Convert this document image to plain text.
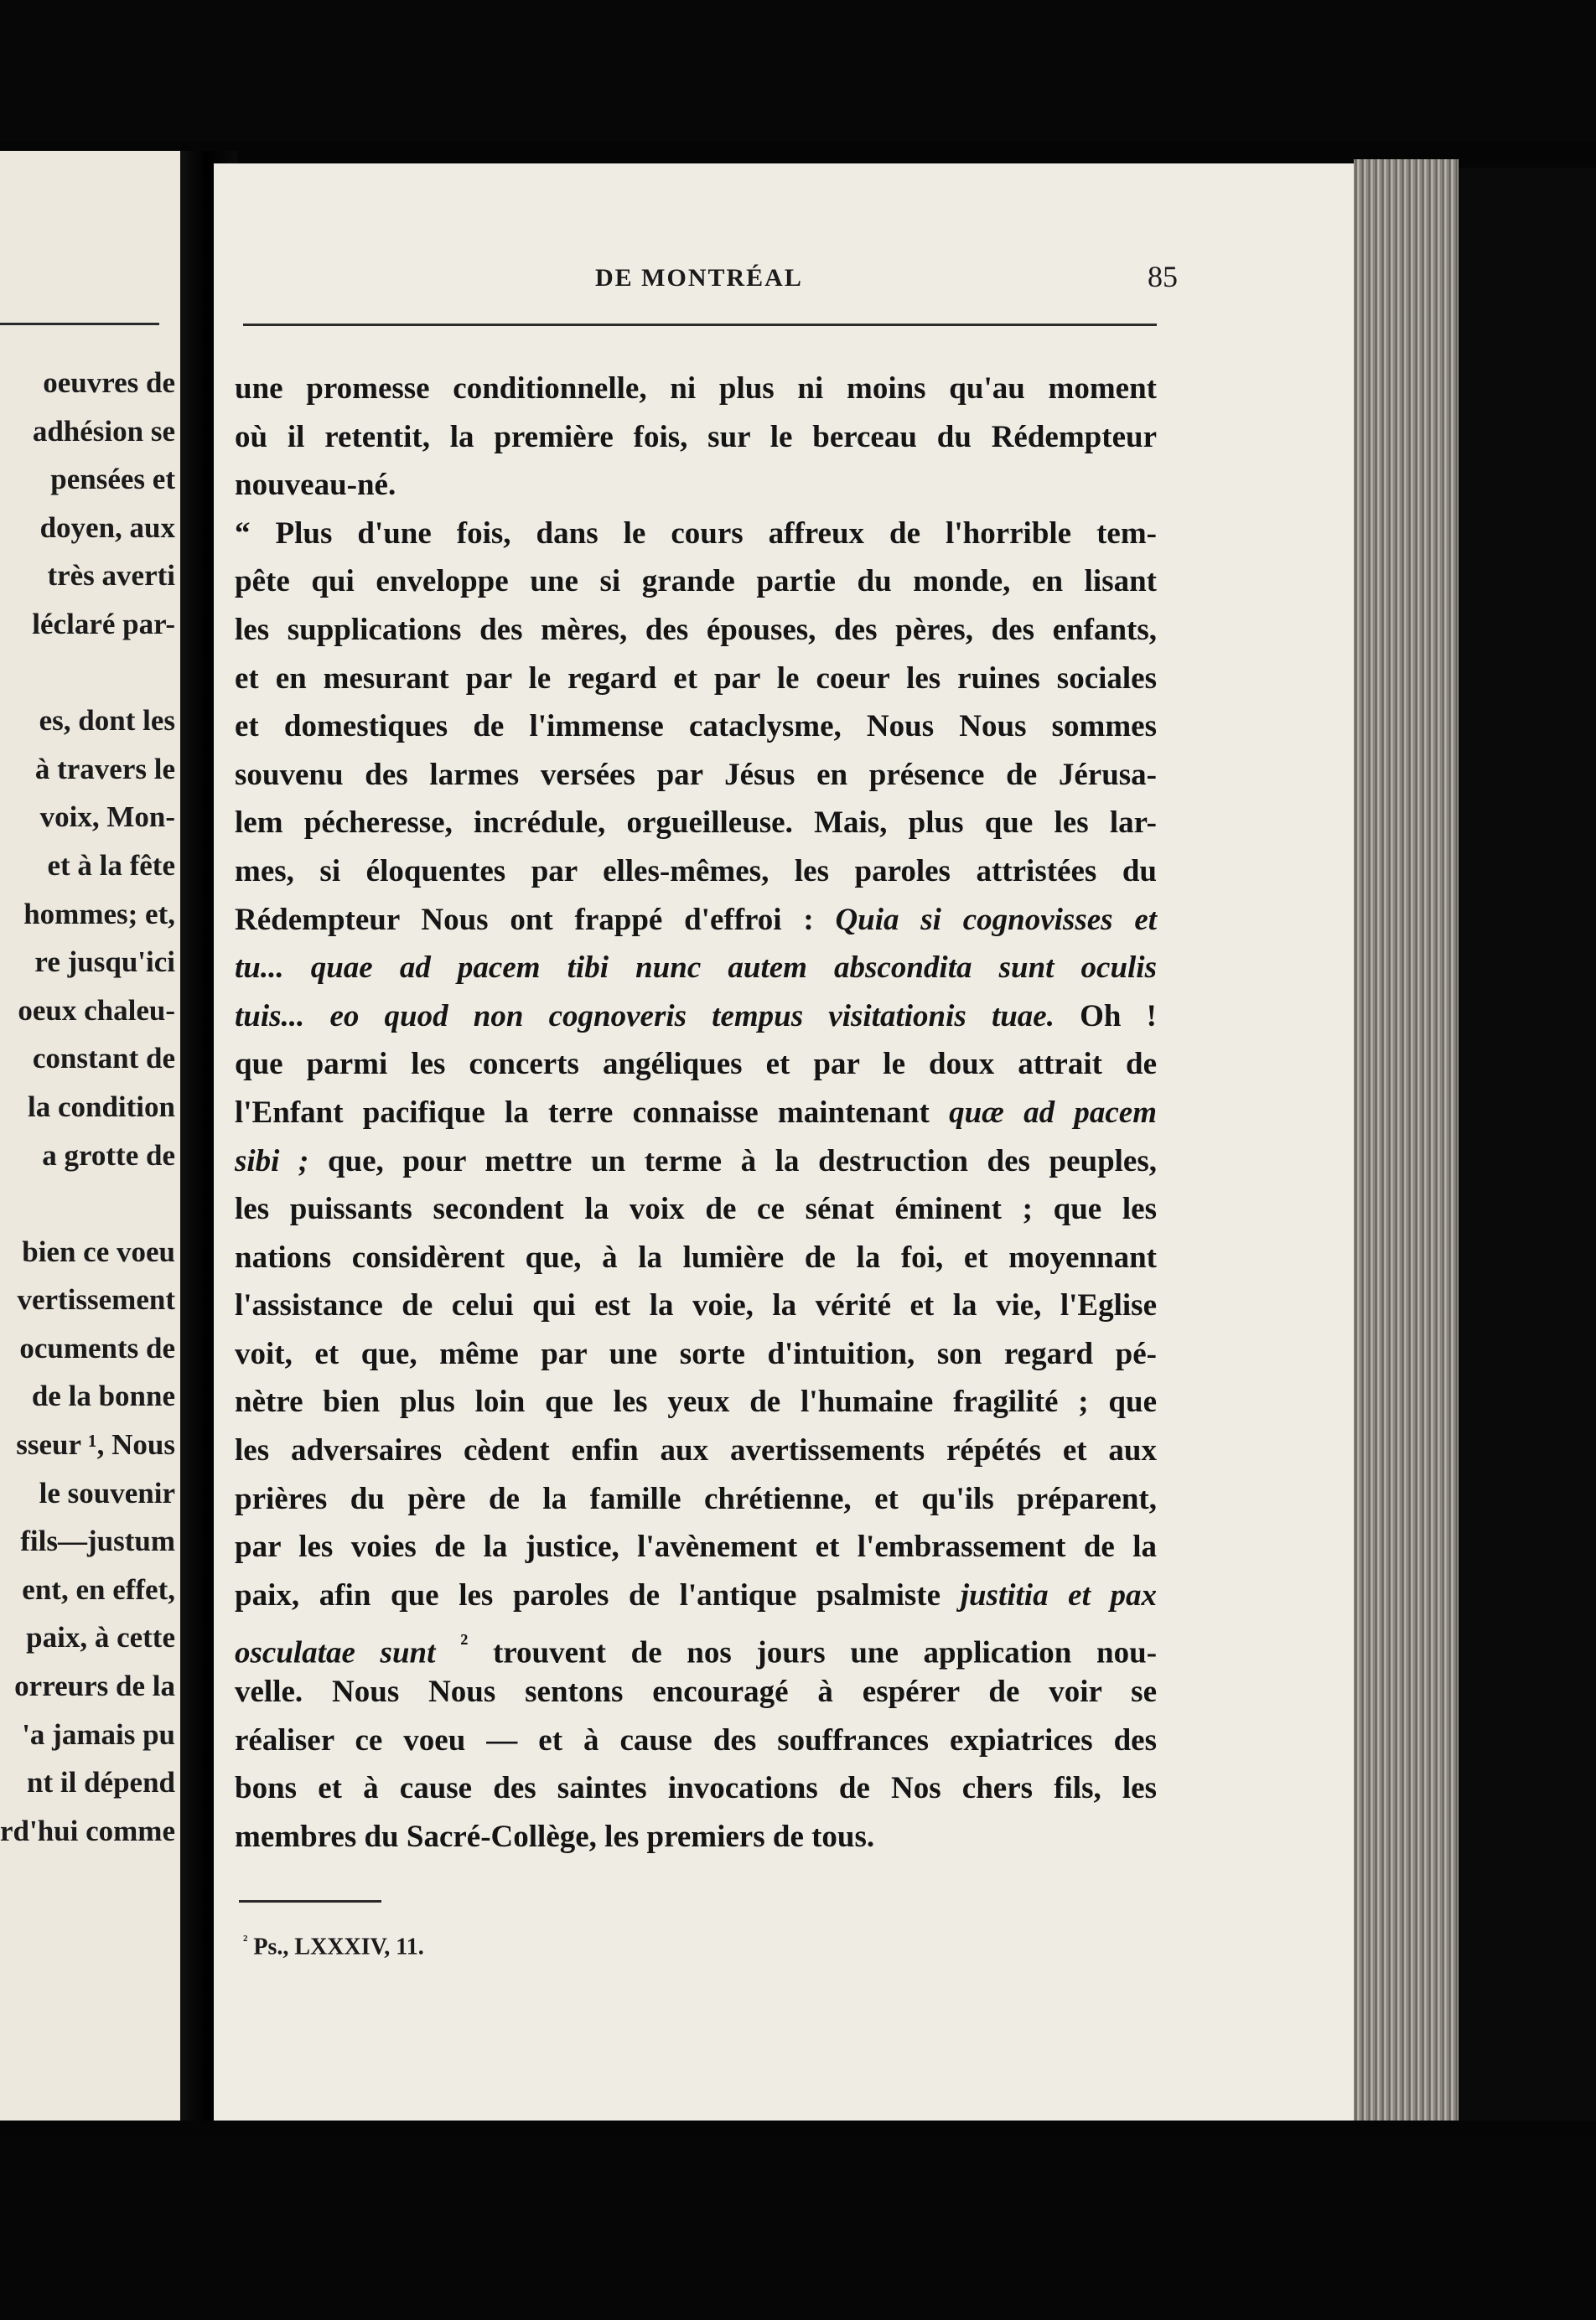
oeuvres de
adhésion se
pensées et
doyen, aux
très averti
léclaré par-
es, dont les
à travers le
voix, Mon-
et à la fête
hommes; et,
re jusqu'ici
oeux chaleu-
constant de
la condition
a grotte de
bien ce voeu
vertissement
ocuments de
de la bonne
sseur ¹, Nous
le souvenir
fils—justum
ent, en effet,
paix, à cette
orreurs de la
'a jamais pu
nt il dépend
rd'hui comme
DE MONTRÉAL	85
une promesse conditionnelle, ni plus ni moins qu'au moment
où il retentit, la première fois, sur le berceau du Rédempteur
nouveau-né.
“ Plus d'une fois, dans le cours affreux de l'horrible tem-
pête qui enveloppe une si grande partie du monde, en lisant
les supplications des mères, des épouses, des pères, des enfants,
et en mesurant par le regard et par le coeur les ruines sociales
et domestiques de l'immense cataclysme, Nous Nous sommes
souvenu des larmes versées par Jésus en présence de Jérusa-
lem pécheresse, incrédule, orgueilleuse. Mais, plus que les lar-
mes, si éloquentes par elles-mêmes, les paroles attristées du
Rédempteur Nous ont frappé d'effroi : Quia si cognovisses et
tu... quae ad pacem tibi nunc autem abscondita sunt oculis
tuis... eo quod non cognoveris tempus visitationis tuae. Oh !
que parmi les concerts angéliques et par le doux attrait de
l'Enfant pacifique la terre connaisse maintenant quæ ad pacem
sibi ; que, pour mettre un terme à la destruction des peuples,
les puissants secondent la voix de ce sénat éminent ; que les
nations considèrent que, à la lumière de la foi, et moyennant
l'assistance de celui qui est la voie, la vérité et la vie, l'Eglise
voit, et que, même par une sorte d'intuition, son regard pé-
nètre bien plus loin que les yeux de l'humaine fragilité ; que
les adversaires cèdent enfin aux avertissements répétés et aux
prières du père de la famille chrétienne, et qu'ils préparent,
par les voies de la justice, l'avènement et l'embrassement de la
paix, afin que les paroles de l'antique psalmiste justitia et pax
osculatae sunt $^{^2}$ trouvent de nos jours une application nou-
velle. Nous Nous sentons encouragé à espérer de voir se
réaliser ce voeu — et à cause des souffrances expiatrices des
bons et à cause des saintes invocations de Nos chers fils, les
membres du Sacré-Collège, les premiers de tous.
$^{^2}$ Ps., LXXXIV, 11.
